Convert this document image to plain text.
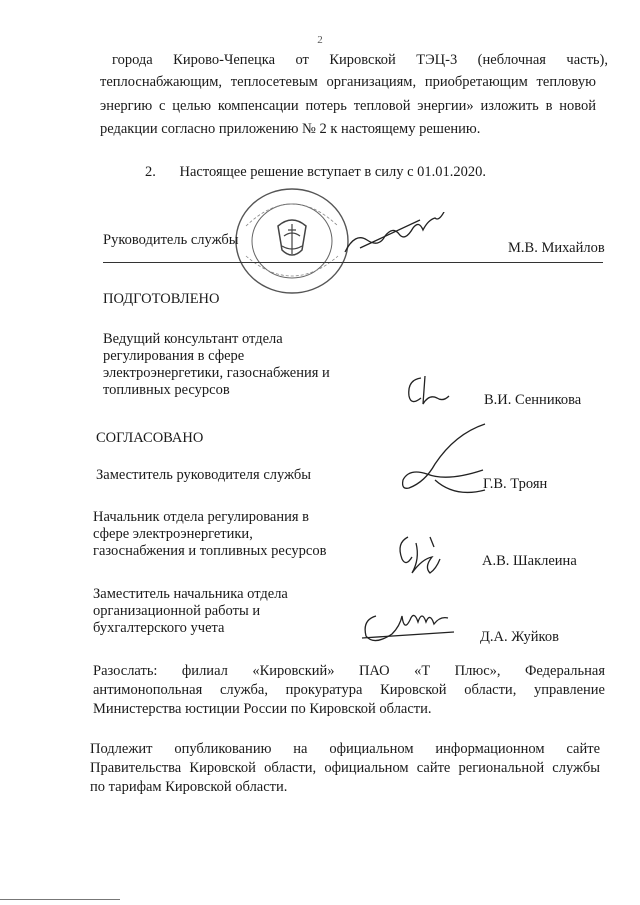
2
города Кирово-Чепецка от Кировской ТЭЦ-3 (неблочная часть),
теплоснабжающим, теплосетевым организациям, приобретающим тепловую
энергию с целью компенсации потерь тепловой энергии» изложить в новой
редакции согласно приложению № 2 к настоящему решению.
2. Настоящее решение вступает в силу с 01.01.2020.
Руководитель службы	М.В. Михайлов
ПОДГОТОВЛЕНО
Ведущий консультант отдела
регулирования в сфере
электроэнергетики, газоснабжения и
топливных ресурсов
В.И. Сенникова
СОГЛАСОВАНО
Заместитель руководителя службы
Г.В. Троян
Начальник отдела регулирования в
сфере электроэнергетики,
газоснабжения и топливных ресурсов
А.В. Шаклеина
Заместитель начальника отдела
организационной работы и
бухгалтерского учета
Д.А. Жуйков
Разослать: филиал «Кировский» ПАО «Т Плюс», Федеральная
антимонопольная служба, прокуратура Кировской области, управление
Министерства юстиции России по Кировской области.
Подлежит опубликованию на официальном информационном сайте
Правительства Кировской области, официальном сайте региональной службы
по тарифам Кировской области.
